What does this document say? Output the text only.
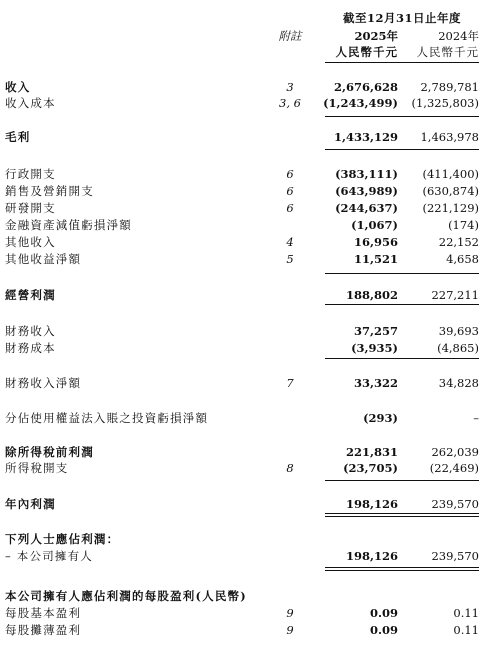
截至12月31日止年度
附註	2025年	2024年
人民幣千元 人民幣千元
收入	3	2,676,628 2,789,781
收入成本	3, 6	(1,243,499) (1,325,803)
毛利	1,433,129 1,463,978
行政開支	6	(383,111) (411,400)
銷售及營銷開支	6	(643,989) (630,874)
研發開支	6	(244,637) (221,129)
金融資產減值虧損淨額	(1,067)	(174)
其他收入	4	16,956	22,152
其他收益淨額	5	11,521	4,658
經營利潤	188,802	227,211
財務收入	37,257	39,693
財務成本	(3,935)	(4,865)
財務收入淨額	7	33,322	34,828
分佔使用權益法入賬之投資虧損淨額	(293)	–
除所得稅前利潤	221,831	262,039
所得稅開支	8	(23,705)	(22,469)
年內利潤	198,126	239,570
下列人士應佔利潤：
– 本公司擁有人	198,126	239,570
本公司擁有人應佔利潤的每股盈利(人民幣)
每股基本盈利	9	0.09	0.11
每股攤薄盈利	9	0.09	0.11
